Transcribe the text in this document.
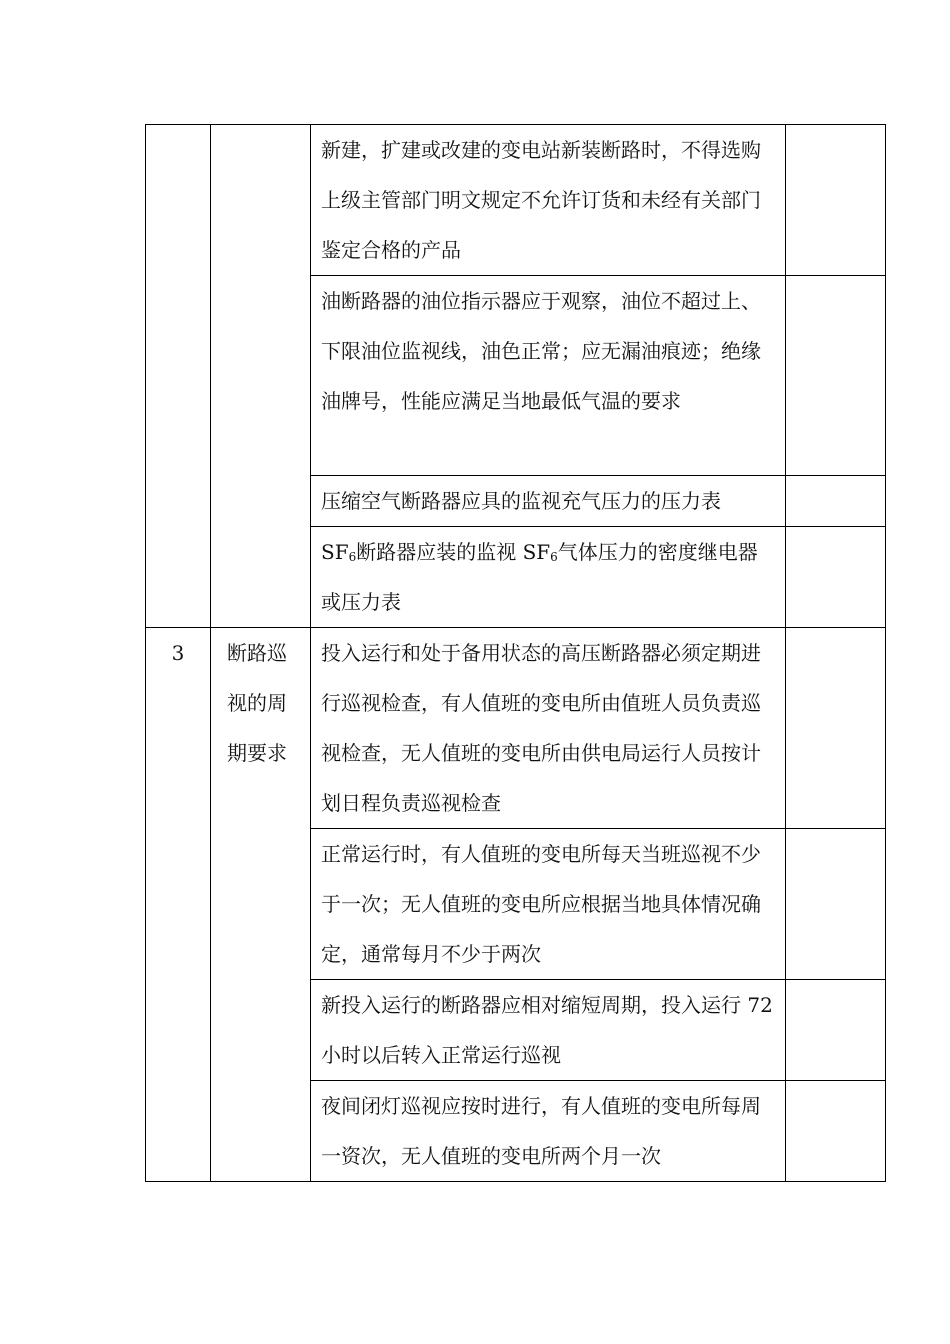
		新建，扩建或改建的变电站新装断路时，不得选购上级主管部门明文规定不允许订货和未经有关部门鉴定合格的产品	

		油断路器的油位指示器应于观察，油位不超过上、下限油位监视线，油色正常；应无漏油痕迹；绝缘油牌号，性能应满足当地最低气温的要求	

		压缩空气断路器应具的监视充气压力的压力表	

		$SF_6$断路器应装的监视 $SF_6$气体压力的密度继电器或压力表	

3	断路巡视的周期要求	投入运行和处于备用状态的高压断路器必须定期进行巡视检查，有人值班的变电所由值班人员负责巡视检查，无人值班的变电所由供电局运行人员按计划日程负责巡视检查	

		正常运行时，有人值班的变电所每天当班巡视不少于一次；无人值班的变电所应根据当地具体情况确定，通常每月不少于两次	

		新投入运行的断路器应相对缩短周期，投入运行 72 小时以后转入正常运行巡视	

		夜间闭灯巡视应按时进行，有人值班的变电所每周一资次，无人值班的变电所两个月一次	
